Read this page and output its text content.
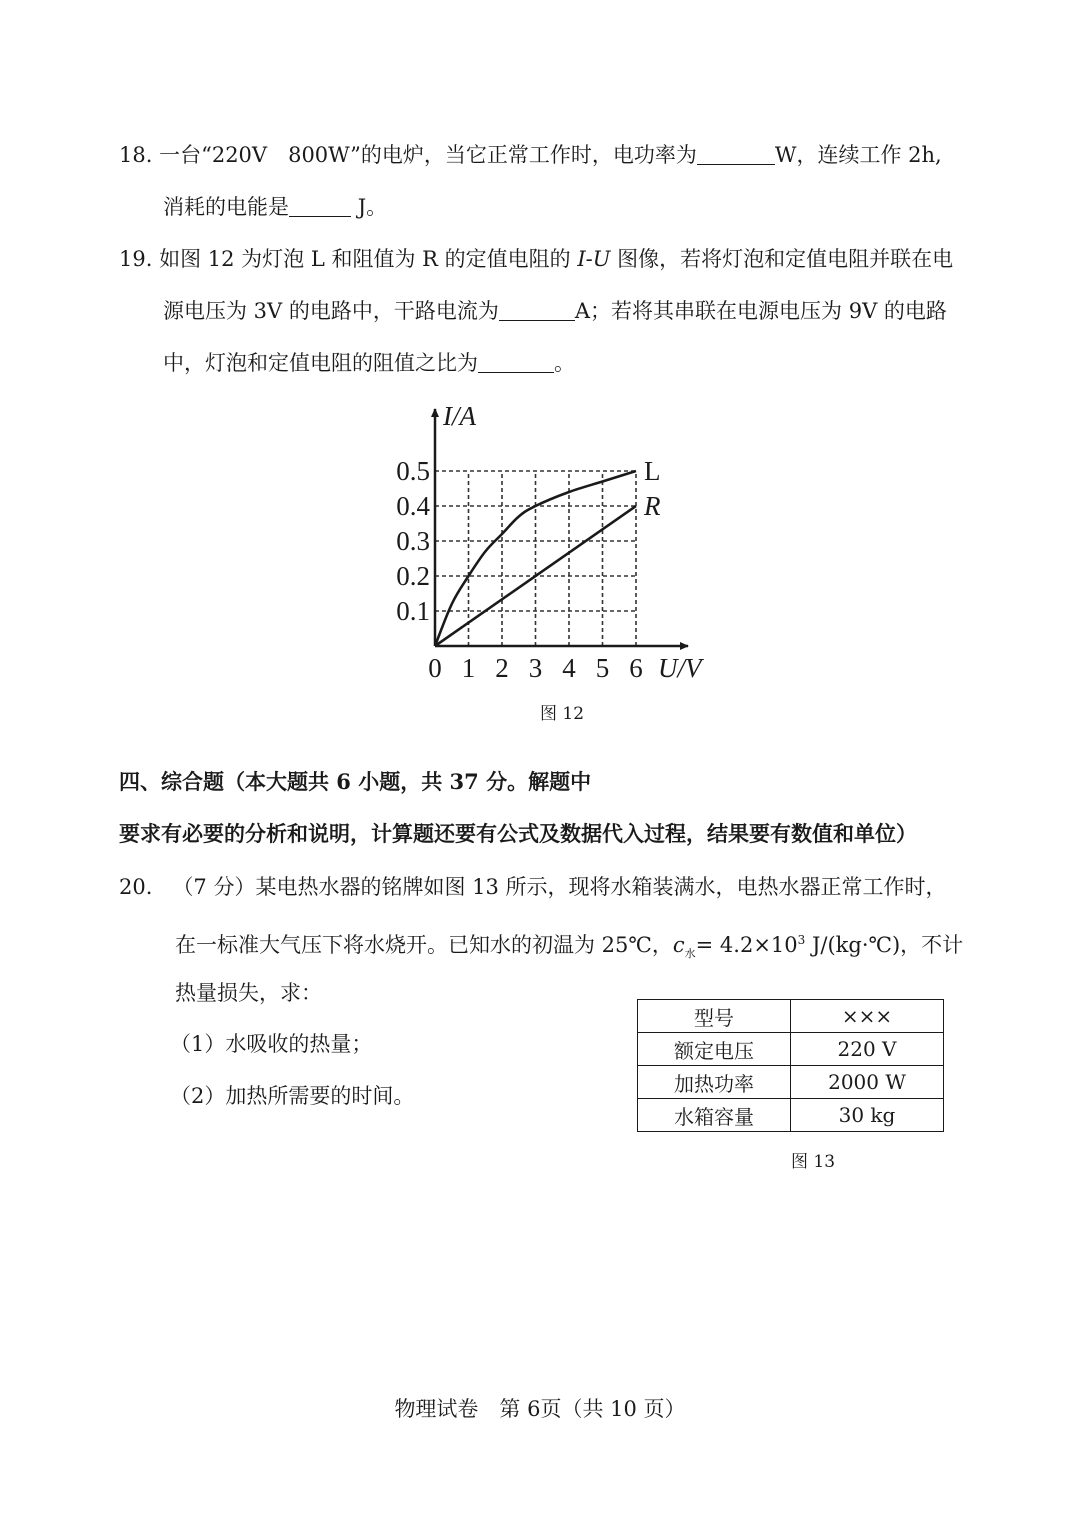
18. 一台“220V　800W”的电炉，当它正常工作时，电功率为	W，连续工作 2h,
消耗的电能是	J。
19. 如图 12 为灯泡 L 和阻值为 R 的定值电阻的 I-U 图像，若将灯泡和定值电阻并联在电
源电压为 3V 的电路中，干路电流为	A；若将其串联在电源电压为 9V 的电路
中，灯泡和定值电阻的阻值之比为	。
L
R
0 1 2 3 4 5 6
0.1
0.2
0.3
0.4
0.5
I/A
U/V
图 12
四、综合题（本大题共 6 小题，共 37 分。解题中
要求有必要的分析和说明，计算题还要有公式及数据代入过程，结果要有数值和单位）
20. （7 分）某电热水器的铭牌如图 13 所示，现将水箱装满水，电热水器正常工作时，
在一标准大气压下将水烧开。已知水的初温为 25℃，$c_水= 4.2\times 10^3$ J/(kg·℃)，不计
热量损失，求：
（1）水吸收的热量；
（2）加热所需要的时间。
型号	×××
额定电压	220 V
加热功率	2000 W
水箱容量	30 kg
图 13
物理试卷　第 6页（共 10 页）
